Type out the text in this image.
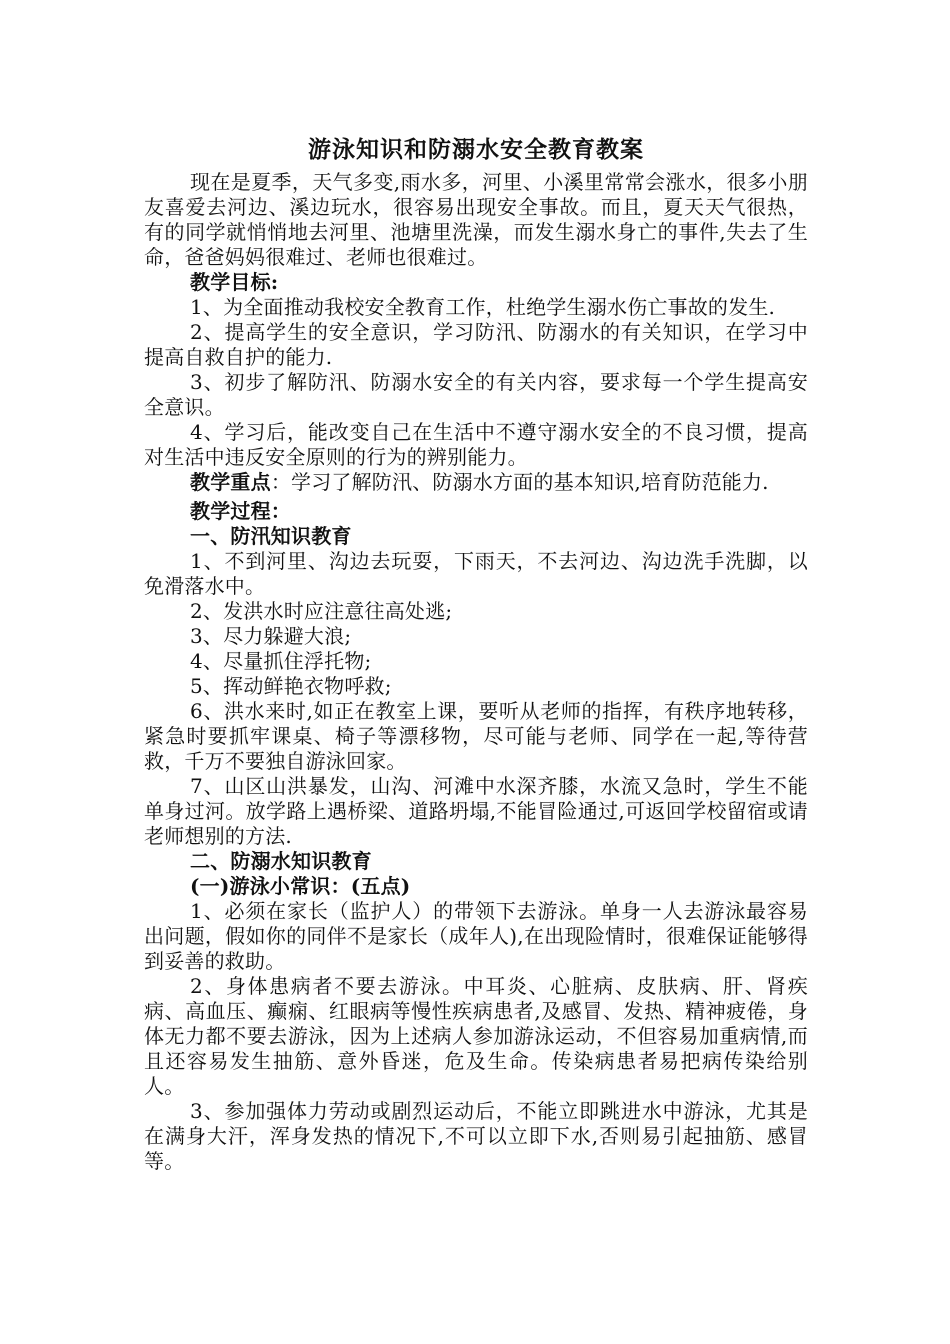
游泳知识和防溺水安全教育教案

现在是夏季，天气多变,雨水多，河里、小溪里常常会涨水，很多小朋友喜爱去河边、溪边玩水，很容易出现安全事故。而且，夏天天气很热，有的同学就悄悄地去河里、池塘里洗澡，而发生溺水身亡的事件,失去了生命，爸爸妈妈很难过、老师也很难过。

教学目标:

1、为全面推动我校安全教育工作，杜绝学生溺水伤亡事故的发生.

2、提高学生的安全意识，学习防汛、防溺水的有关知识，在学习中提高自救自护的能力.

3、初步了解防汛、防溺水安全的有关内容，要求每一个学生提高安全意识。

4、学习后，能改变自己在生活中不遵守溺水安全的不良习惯，提高对生活中违反安全原则的行为的辨别能力。

教学重点：学习了解防汛、防溺水方面的基本知识,培育防范能力.

教学过程：

一、防汛知识教育

1、不到河里、沟边去玩耍，下雨天，不去河边、沟边洗手洗脚，以免滑落水中。

2、发洪水时应注意往高处逃;

3、尽力躲避大浪;

4、尽量抓住浮托物;

5、挥动鲜艳衣物呼救;

6、洪水来时,如正在教室上课，要听从老师的指挥，有秩序地转移，紧急时要抓牢课桌、椅子等漂移物，尽可能与老师、同学在一起,等待营救，千万不要独自游泳回家。

7、山区山洪暴发，山沟、河滩中水深齐膝，水流又急时，学生不能单身过河。放学路上遇桥梁、道路坍塌,不能冒险通过,可返回学校留宿或请老师想别的方法.

二、防溺水知识教育

(一)游泳小常识：(五点)

1、必须在家长（监护人）的带领下去游泳。单身一人去游泳最容易出问题，假如你的同伴不是家长（成年人),在出现险情时，很难保证能够得到妥善的救助。

2、身体患病者不要去游泳。中耳炎、心脏病、皮肤病、肝、肾疾病、高血压、癫痫、红眼病等慢性疾病患者,及感冒、发热、精神疲倦，身体无力都不要去游泳，因为上述病人参加游泳运动，不但容易加重病情,而且还容易发生抽筋、意外昏迷，危及生命。传染病患者易把病传染给别人。

3、参加强体力劳动或剧烈运动后，不能立即跳进水中游泳，尤其是在满身大汗，浑身发热的情况下,不可以立即下水,否则易引起抽筋、感冒等。
